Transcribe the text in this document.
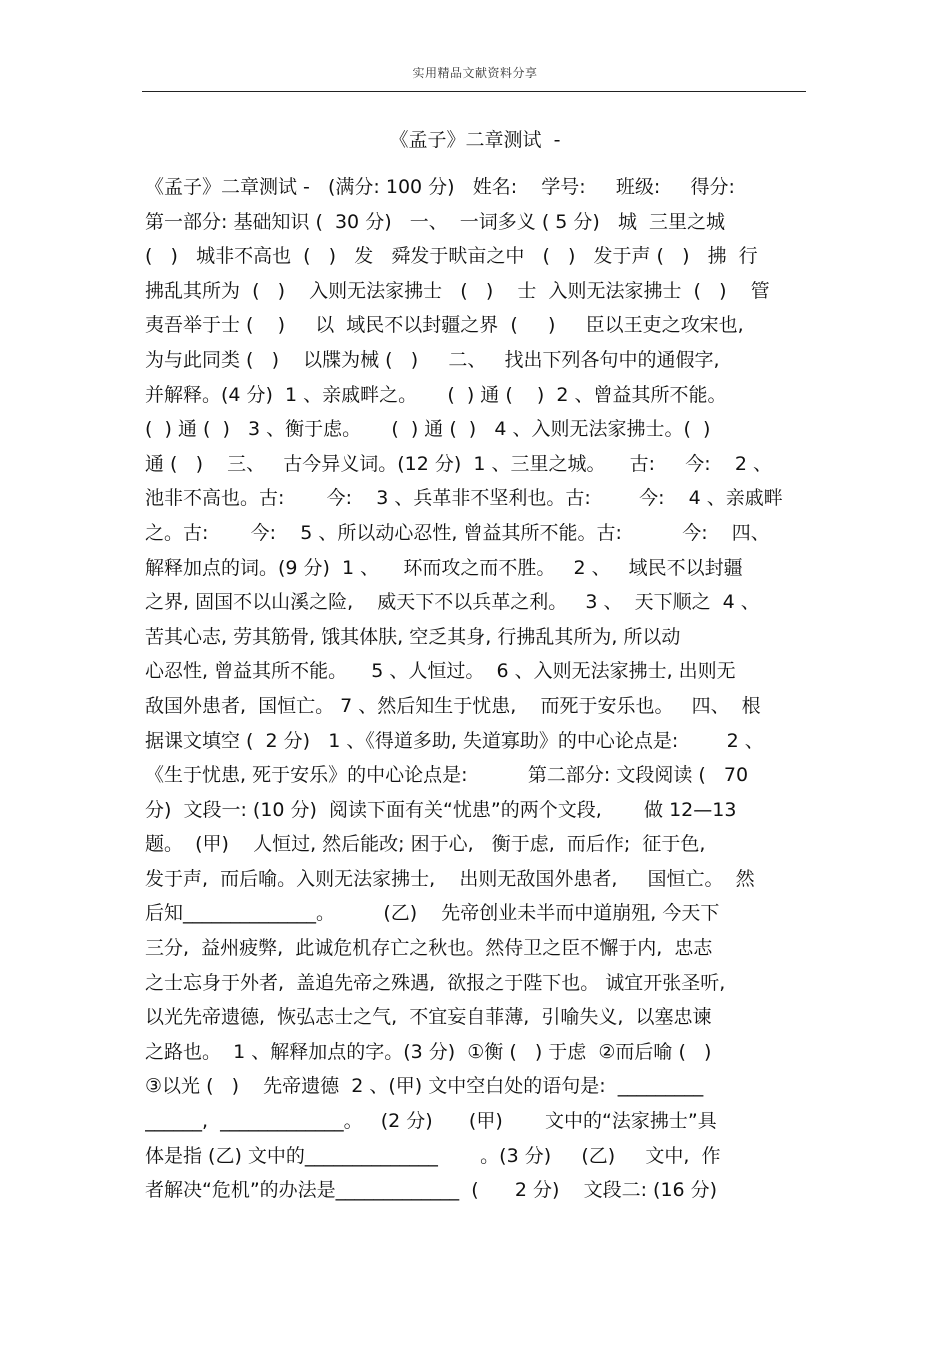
实用精品文献资料分享
《孟子》二章测试  -
《孟子》二章测试 -   (满分: 100 分)   姓名:    学号:     班级:     得分:
第一部分: 基础知识 (  30 分)   一、  一词多义 ( 5 分)   城  三里之城
(   )   城非不高也  (   )   发   舜发于畎亩之中   (   )   发于声 (   )   拂  行
拂乱其所为  (   )    入则无法家拂士   (   )    士  入则无法家拂士  (   )    管
夷吾举于士 (    )     以  域民不以封疆之界  (     )     臣以王吏之攻宋也,
为与此同类 (   )    以牒为械 (   )     二、   找出下列各句中的通假字,
并解释。(4 分)  1 、亲戚畔之。     (  ) 通 (    )  2 、曾益其所不能。
(  ) 通 (  )   3 、衡于虑。     (  ) 通 (  )   4 、入则无法家拂士。(  )
通 (   )    三、   古今异义词。(12 分)  1 、三里之城。    古:     今:    2 、
池非不高也。古:       今:    3 、兵革非不坚利也。古:        今:    4 、亲戚畔
之。古:       今:    5 、所以动心忍性, 曾益其所不能。古:          今:    四、
解释加点的词。(9 分)  1 、    环而攻之而不胜。   2 、   域民不以封疆
之界, 固国不以山溪之险,    威天下不以兵革之利。   3 、  天下顺之  4 、
苦其心志, 劳其筋骨, 饿其体肤, 空乏其身, 行拂乱其所为, 所以动
心忍性, 曾益其所不能。    5 、人恒过。  6 、入则无法家拂士, 出则无
敌国外患者,  国恒亡。 7 、然后知生于忧患,    而死于安乐也。   四、  根
据课文填空 (  2 分)   1 、《得道多助, 失道寡助》的中心论点是:        2 、
《生于忧患, 死于安乐》的中心论点是:          第二部分: 文段阅读 (   70
分)  文段一: (10 分)  阅读下面有关“忧患”的两个文段,       做 12—13
题。  (甲)    人恒过, 然后能改; 困于心,   衡于虑,  而后作;  征于色,
发于声,  而后喻。入则无法家拂士,    出则无敌国外患者,     国恒亡。  然
后知______________。        (乙)    先帝创业未半而中道崩殂, 今天下
三分,  益州疲弊,  此诚危机存亡之秋也。然侍卫之臣不懈于内,  忠志
之士忘身于外者,  盖追先帝之殊遇,  欲报之于陛下也。 诚宜开张圣听,
以光先帝遗德,  恢弘志士之气,  不宜妄自菲薄,  引喻失义,  以塞忠谏
之路也。  1 、解释加点的字。(3 分)  ①衡 (   ) 于虑  ②而后喻 (   )
③以光 (   )    先帝遗德  2 、(甲) 文中空白处的语句是:  _________
______,  _____________。   (2 分)      (甲)       文中的“法家拂士”具
体是指 (乙) 文中的______________       。(3 分)     (乙)     文中,  作
者解决“危机”的办法是_____________  (      2 分)    文段二: (16 分)
